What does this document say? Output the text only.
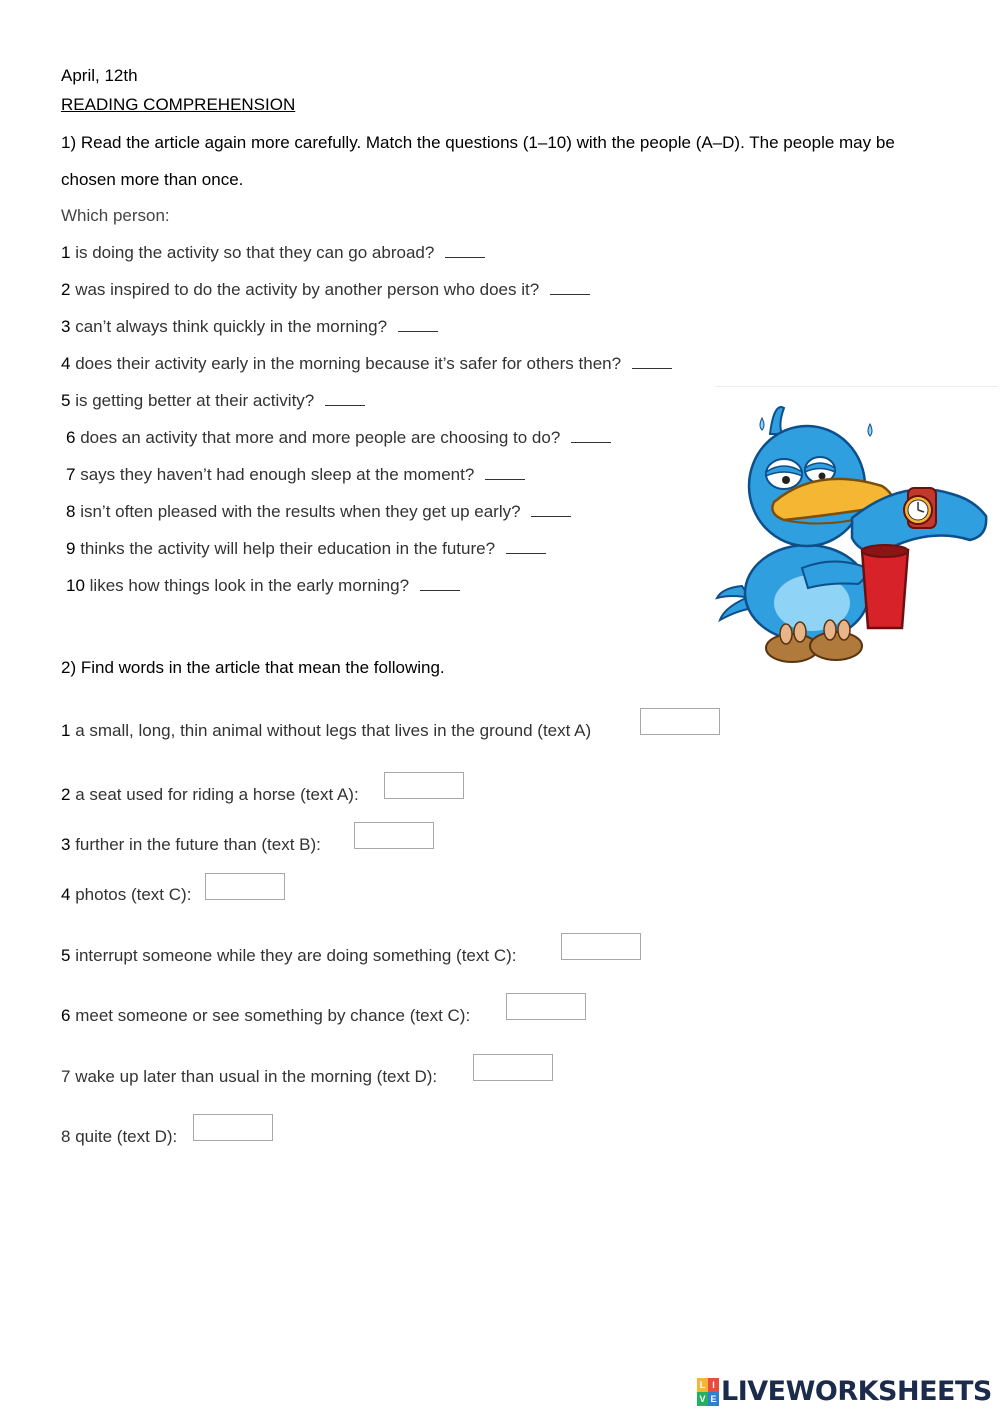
April, 12th
READING COMPREHENSION
1) Read the article again more carefully. Match the questions (1–10) with the people (A–D). The people may be chosen more than once.
Which person:
1 is doing the activity so that they can go abroad?
2 was inspired to do the activity by another person who does it?
3 can’t always think quickly in the morning?
4 does their activity early in the morning because it’s safer for others then?
5 is getting better at their activity?
6 does an activity that more and more people are choosing to do?
7 says they haven’t had enough sleep at the moment?
8 isn’t often pleased with the results when they get up early?
9 thinks the activity will help their education in the future?
10 likes how things look in the early morning?
2) Find words in the article that mean the following.
1 a small, long, thin animal without legs that lives in the ground (text A)
2 a seat used for riding a horse (text A):
3 further in the future than (text B):
4 photos (text C):
5 interrupt someone while they are doing something (text C):
6 meet someone or see something by chance (text C):
7 wake up later than usual in the morning (text D):
8 quite (text D):
L I
V E LIVEWORKSHEETS
